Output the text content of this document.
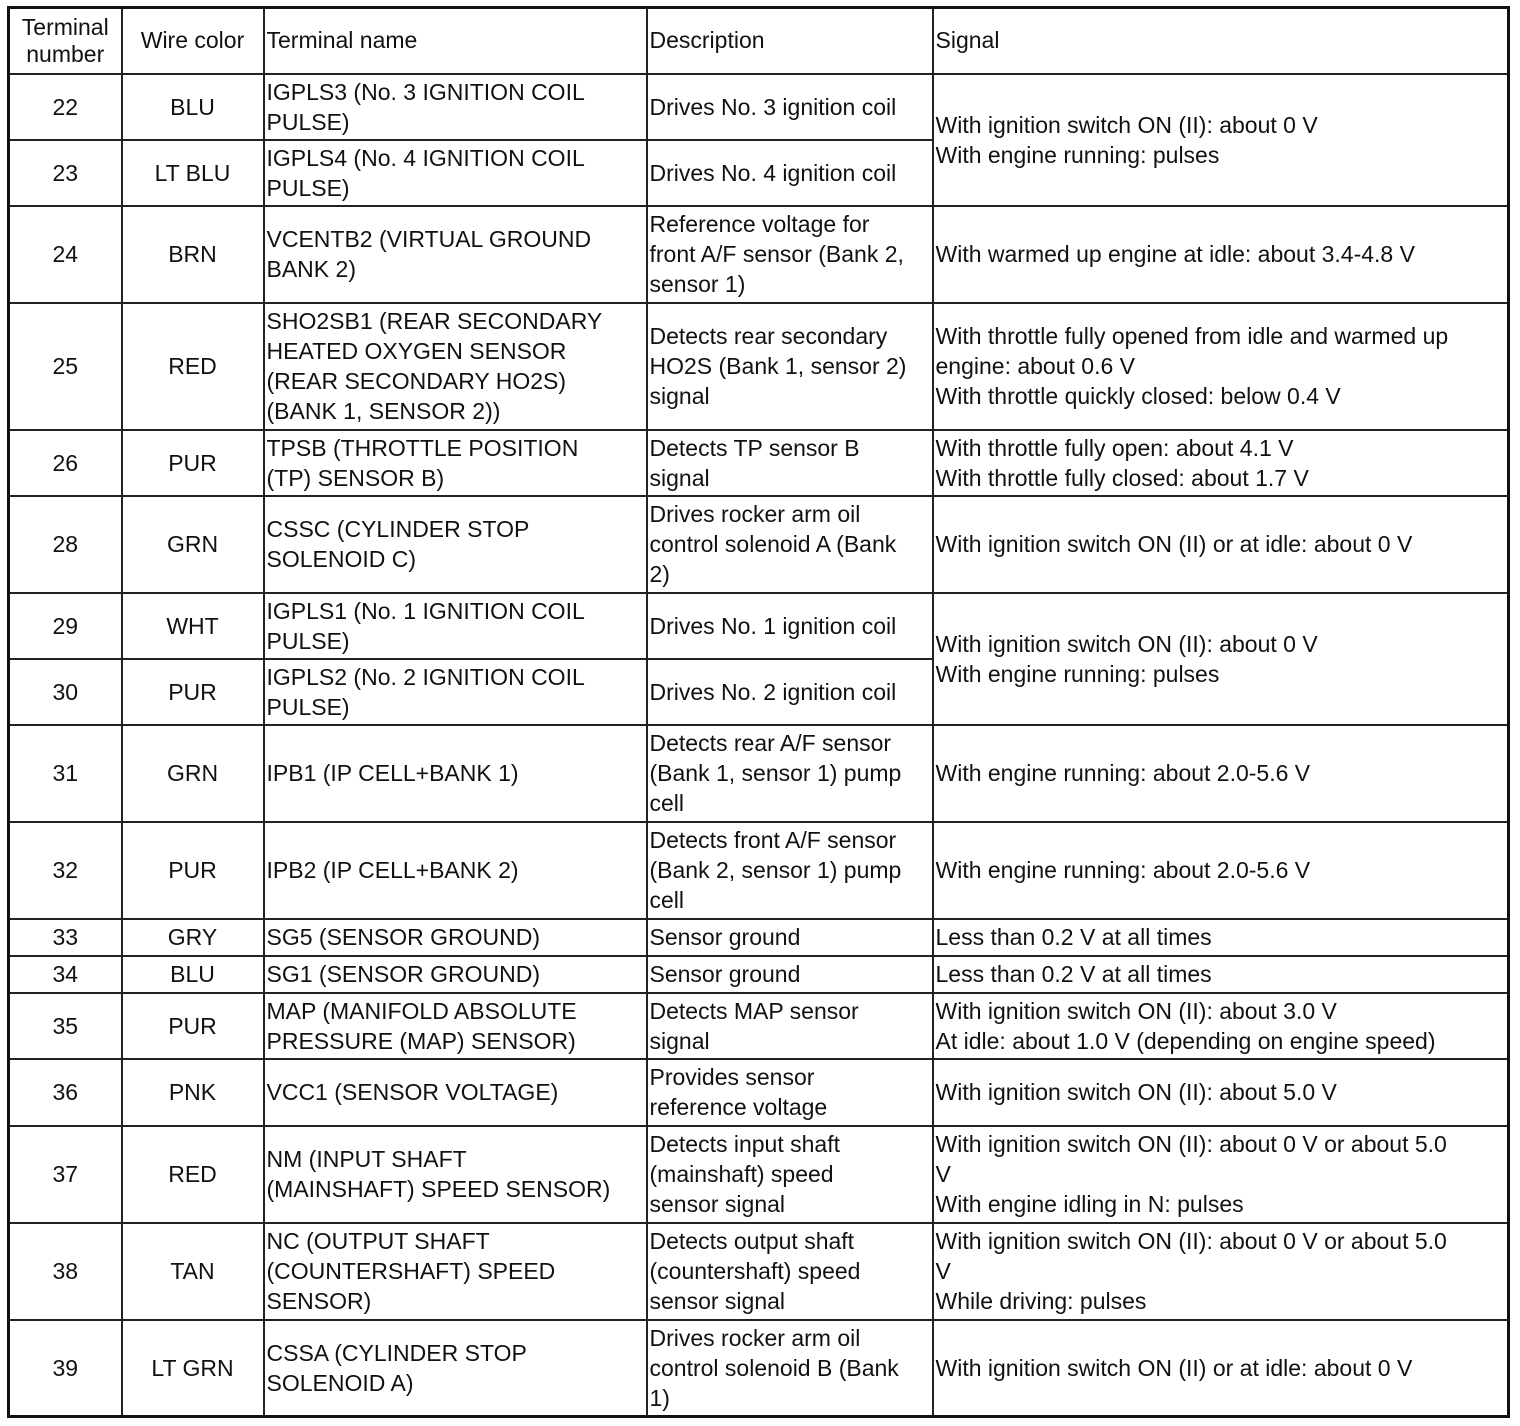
Terminal
number	Wire color	Terminal name	Description	Signal
22	BLU	IGPLS3 (No. 3 IGNITION COIL
PULSE)	Drives No. 3 ignition coil	With ignition switch ON (II): about 0 V
With engine running: pulses
23	LT BLU	IGPLS4 (No. 4 IGNITION COIL
PULSE)	Drives No. 4 ignition coil	
24	BRN	VCENTB2 (VIRTUAL GROUND
BANK 2)	Reference voltage for
front A/F sensor (Bank 2,
sensor 1)	With warmed up engine at idle: about 3.4-4.8 V
25	RED	SHO2SB1 (REAR SECONDARY
HEATED OXYGEN SENSOR
(REAR SECONDARY HO2S)
(BANK 1, SENSOR 2))	Detects rear secondary
HO2S (Bank 1, sensor 2)
signal	With throttle fully opened from idle and warmed up
engine: about 0.6 V
With throttle quickly closed: below 0.4 V
26	PUR	TPSB (THROTTLE POSITION
(TP) SENSOR B)	Detects TP sensor B
signal	With throttle fully open: about 4.1 V
With throttle fully closed: about 1.7 V
28	GRN	CSSC (CYLINDER STOP
SOLENOID C)	Drives rocker arm oil
control solenoid A (Bank
2)	With ignition switch ON (II) or at idle: about 0 V
29	WHT	IGPLS1 (No. 1 IGNITION COIL
PULSE)	Drives No. 1 ignition coil	With ignition switch ON (II): about 0 V
With engine running: pulses
30	PUR	IGPLS2 (No. 2 IGNITION COIL
PULSE)	Drives No. 2 ignition coil	
31	GRN	IPB1 (IP CELL+BANK 1)	Detects rear A/F sensor
(Bank 1, sensor 1) pump
cell	With engine running: about 2.0-5.6 V
32	PUR	IPB2 (IP CELL+BANK 2)	Detects front A/F sensor
(Bank 2, sensor 1) pump
cell	With engine running: about 2.0-5.6 V
33	GRY	SG5 (SENSOR GROUND)	Sensor ground	Less than 0.2 V at all times
34	BLU	SG1 (SENSOR GROUND)	Sensor ground	Less than 0.2 V at all times
35	PUR	MAP (MANIFOLD ABSOLUTE
PRESSURE (MAP) SENSOR)	Detects MAP sensor
signal	With ignition switch ON (II): about 3.0 V
At idle: about 1.0 V (depending on engine speed)
36	PNK	VCC1 (SENSOR VOLTAGE)	Provides sensor
reference voltage	With ignition switch ON (II): about 5.0 V
37	RED	NM (INPUT SHAFT
(MAINSHAFT) SPEED SENSOR)	Detects input shaft
(mainshaft) speed
sensor signal	With ignition switch ON (II): about 0 V or about 5.0
V
With engine idling in N: pulses
38	TAN	NC (OUTPUT SHAFT
(COUNTERSHAFT) SPEED
SENSOR)	Detects output shaft
(countershaft) speed
sensor signal	With ignition switch ON (II): about 0 V or about 5.0
V
While driving: pulses
39	LT GRN	CSSA (CYLINDER STOP
SOLENOID A)	Drives rocker arm oil
control solenoid B (Bank
1)	With ignition switch ON (II) or at idle: about 0 V
